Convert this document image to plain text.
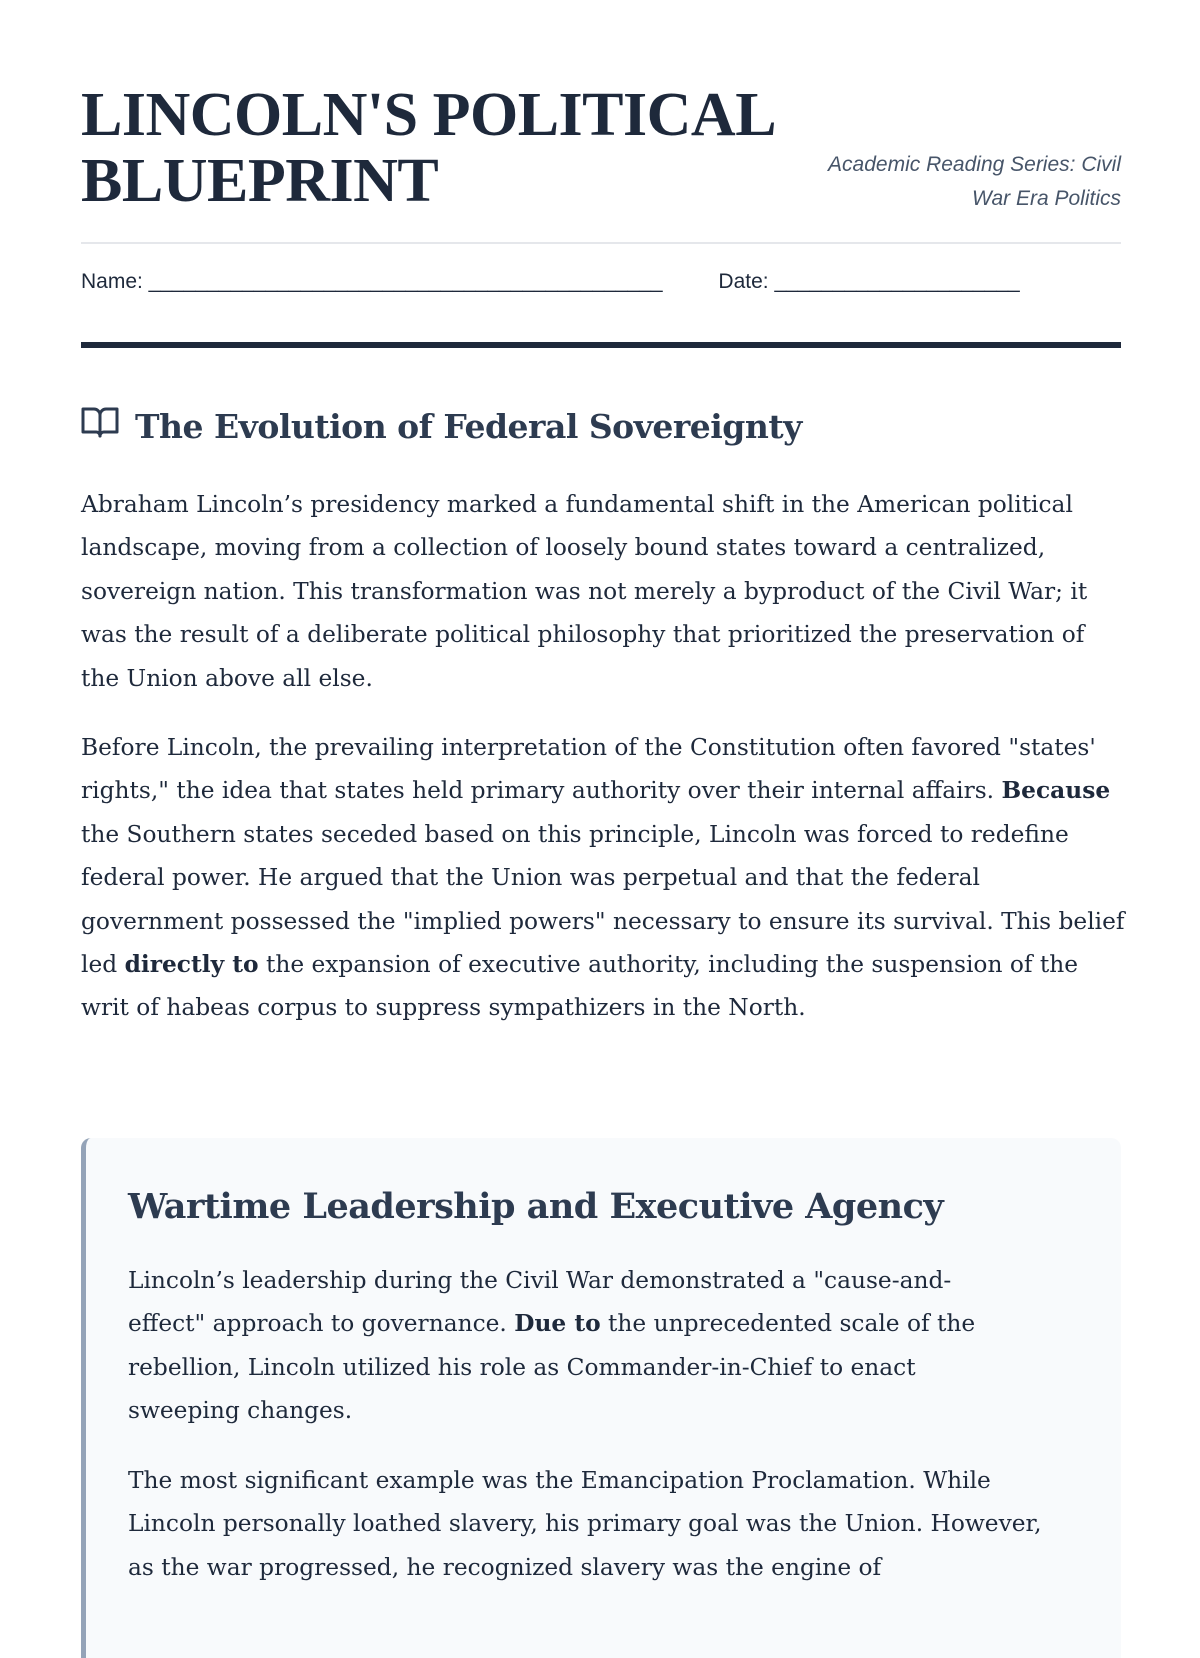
LINCOLN'S POLITICAL
BLUEPRINT	Academic Reading Series: Civil
War Era Politics
Name: ____________________________________________	Date: _____________________
The Evolution of Federal Sovereignty

Abraham Lincoln’s presidency marked a fundamental shift in the American political landscape, moving from a collection of loosely bound states toward a centralized, sovereign nation. This transformation was not merely a byproduct of the Civil War; it was the result of a deliberate political philosophy that prioritized the preservation of the Union above all else.

Before Lincoln, the prevailing interpretation of the Constitution often favored "states' rights," the idea that states held primary authority over their internal affairs. Because the Southern states seceded based on this principle, Lincoln was forced to redefine federal power. He argued that the Union was perpetual and that the federal government possessed the "implied powers" necessary to ensure its survival. This belief led directly to the expansion of executive authority, including the suspension of the writ of habeas corpus to suppress sympathizers in the North.

Wartime Leadership and Executive Agency

Lincoln’s leadership during the Civil War demonstrated a "cause-and-effect" approach to governance. Due to the unprecedented scale of the rebellion, Lincoln utilized his role as Commander-in-Chief to enact sweeping changes.

The most significant example was the Emancipation Proclamation. While Lincoln personally loathed slavery, his primary goal was the Union. However, as the war progressed, he recognized slavery was the engine of
